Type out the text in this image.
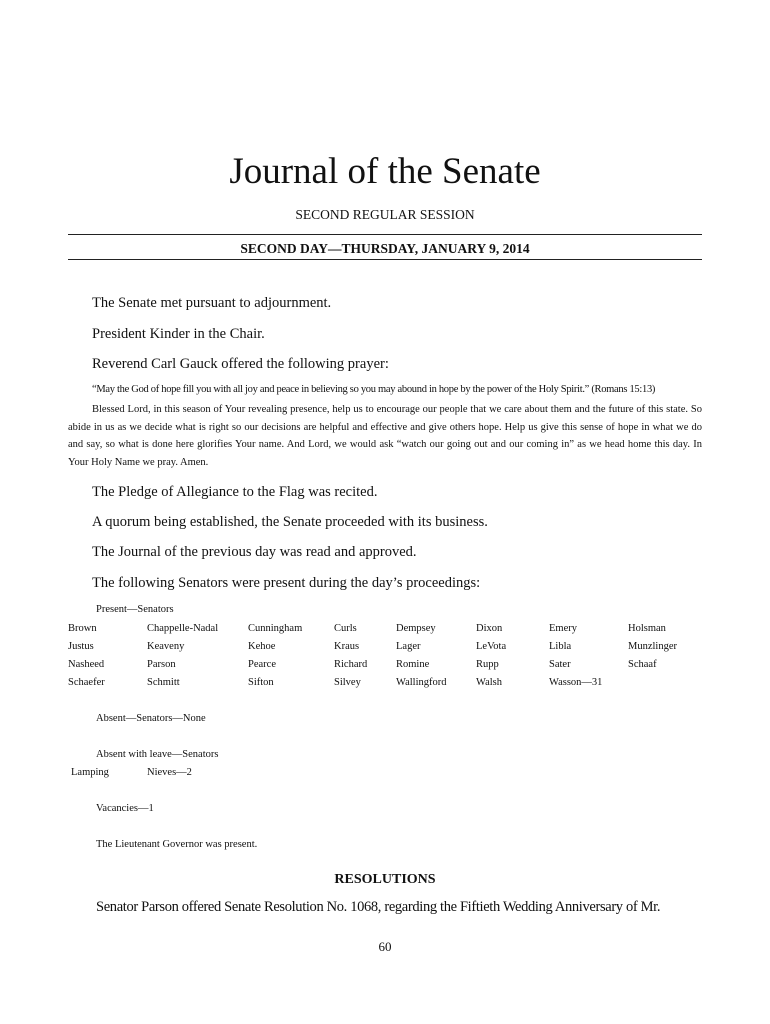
Journal of the Senate
SECOND REGULAR SESSION
SECOND DAY—THURSDAY, JANUARY 9, 2014
The Senate met pursuant to adjournment.
President Kinder in the Chair.
Reverend Carl Gauck offered the following prayer:
“May the God of hope fill you with all joy and peace in believing so you may abound in hope by the power of the Holy Spirit.” (Romans 15:13)
Blessed Lord, in this season of Your revealing presence, help us to encourage our people that we care about them and the future of this state. So abide in us as we decide what is right so our decisions are helpful and effective and give others hope. Help us give this sense of hope in what we do and say, so what is done here glorifies Your name. And Lord, we would ask “watch our going out and our coming in” as we head home this day. In Your Holy Name we pray. Amen.
The Pledge of Allegiance to the Flag was recited.
A quorum being established, the Senate proceeded with its business.
The Journal of the previous day was read and approved.
The following Senators were present during the day’s proceedings:
Present—Senators
Brown	Chappelle-Nadal	Cunningham	Curls	Dempsey	Dixon	Emery	Holsman
Justus	Keaveny	Kehoe	Kraus	Lager	LeVota	Libla	Munzlinger
Nasheed	Parson	Pearce	Richard	Romine	Rupp	Sater	Schaaf
Schaefer	Schmitt	Sifton	Silvey	Wallingford	Walsh	Wasson—31
Absent—Senators—None
Absent with leave—Senators
Lamping	Nieves—2
Vacancies—1
The Lieutenant Governor was present.
RESOLUTIONS
Senator Parson offered Senate Resolution No. 1068, regarding the Fiftieth Wedding Anniversary of Mr.
60
